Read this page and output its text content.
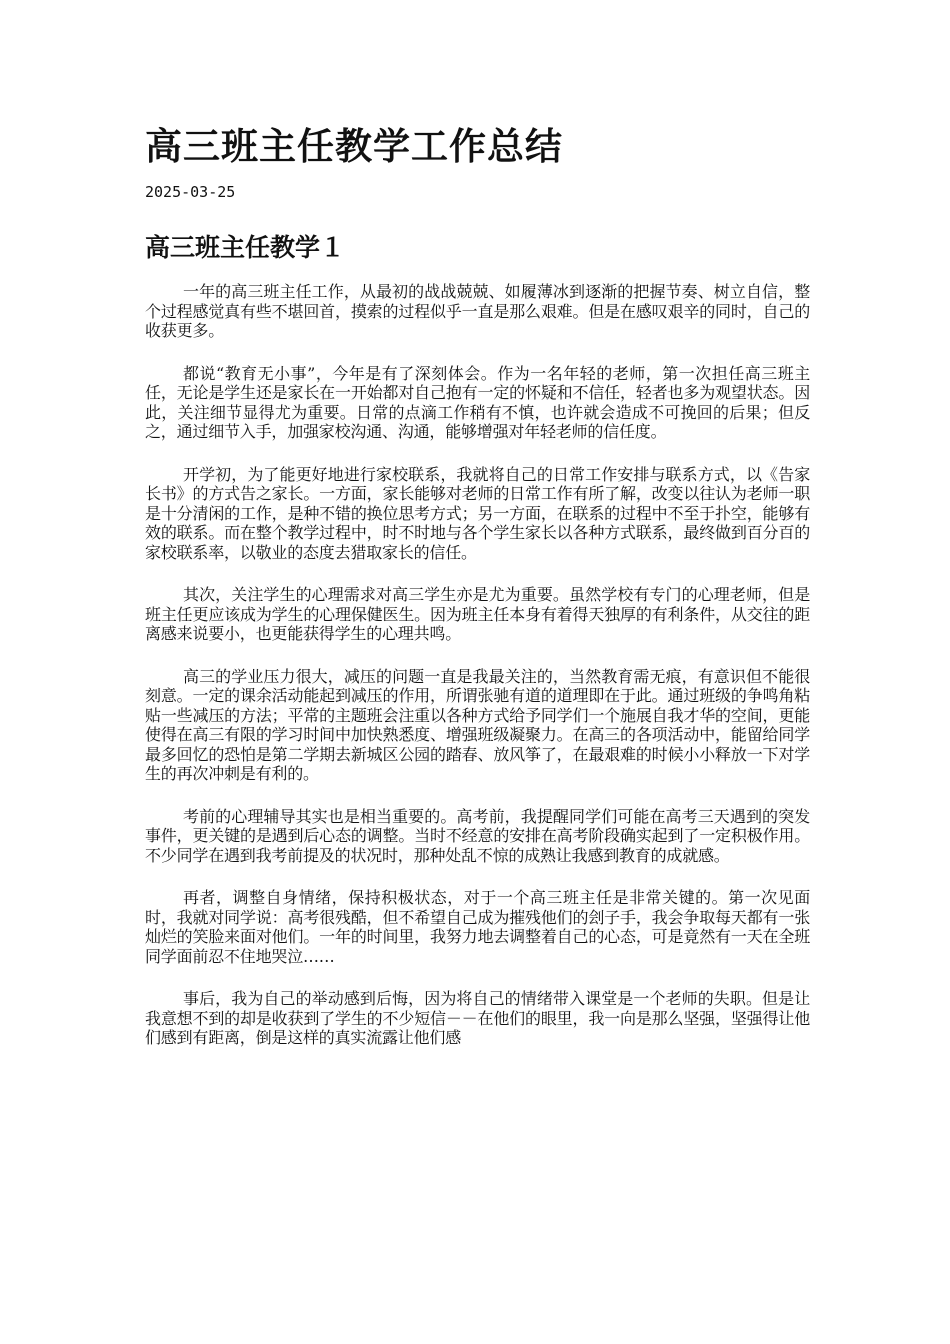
高三班主任教学工作总结
2025-03-25
高三班主任教学１

一年的高三班主任工作，从最初的战战兢兢、如履薄冰到逐渐的把握节奏、树立自信，整个过程感觉真有些不堪回首，摸索的过程似乎一直是那么艰难。但是在感叹艰辛的同时，自己的收获更多。

都说“教育无小事”，今年是有了深刻体会。作为一名年轻的老师，第一次担任高三班主任，无论是学生还是家长在一开始都对自己抱有一定的怀疑和不信任，轻者也多为观望状态。因此，关注细节显得尤为重要。日常的点滴工作稍有不慎，也许就会造成不可挽回的后果；但反之，通过细节入手，加强家校沟通、沟通，能够增强对年轻老师的信任度。

开学初，为了能更好地进行家校联系，我就将自己的日常工作安排与联系方式，以《告家长书》的方式告之家长。一方面，家长能够对老师的日常工作有所了解，改变以往认为老师一职是十分清闲的工作，是种不错的换位思考方式；另一方面，在联系的过程中不至于扑空，能够有效的联系。而在整个教学过程中，时不时地与各个学生家长以各种方式联系，最终做到百分百的家校联系率，以敬业的态度去猎取家长的信任。

其次，关注学生的心理需求对高三学生亦是尤为重要。虽然学校有专门的心理老师，但是班主任更应该成为学生的心理保健医生。因为班主任本身有着得天独厚的有利条件，从交往的距离感来说要小，也更能获得学生的心理共鸣。

高三的学业压力很大，减压的问题一直是我最关注的，当然教育需无痕，有意识但不能很刻意。一定的课余活动能起到减压的作用，所谓张驰有道的道理即在于此。通过班级的争鸣角粘贴一些减压的方法；平常的主题班会注重以各种方式给予同学们一个施展自我才华的空间，更能使得在高三有限的学习时间中加快熟悉度、增强班级凝聚力。在高三的各项活动中，能留给同学最多回忆的恐怕是第二学期去新城区公园的踏春、放风筝了，在最艰难的时候小小释放一下对学生的再次冲刺是有利的。

考前的心理辅导其实也是相当重要的。高考前，我提醒同学们可能在高考三天遇到的突发事件，更关键的是遇到后心态的调整。当时不经意的安排在高考阶段确实起到了一定积极作用。不少同学在遇到我考前提及的状况时，那种处乱不惊的成熟让我感到教育的成就感。

再者，调整自身情绪，保持积极状态，对于一个高三班主任是非常关键的。第一次见面时，我就对同学说：高考很残酷，但不希望自己成为摧残他们的刽子手，我会争取每天都有一张灿烂的笑脸来面对他们。一年的时间里，我努力地去调整着自己的心态，可是竟然有一天在全班同学面前忍不住地哭泣……

事后，我为自己的举动感到后悔，因为将自己的情绪带入课堂是一个老师的失职。但是让我意想不到的却是收获到了学生的不少短信－－在他们的眼里，我一向是那么坚强，坚强得让他们感到有距离，倒是这样的真实流露让他们感
